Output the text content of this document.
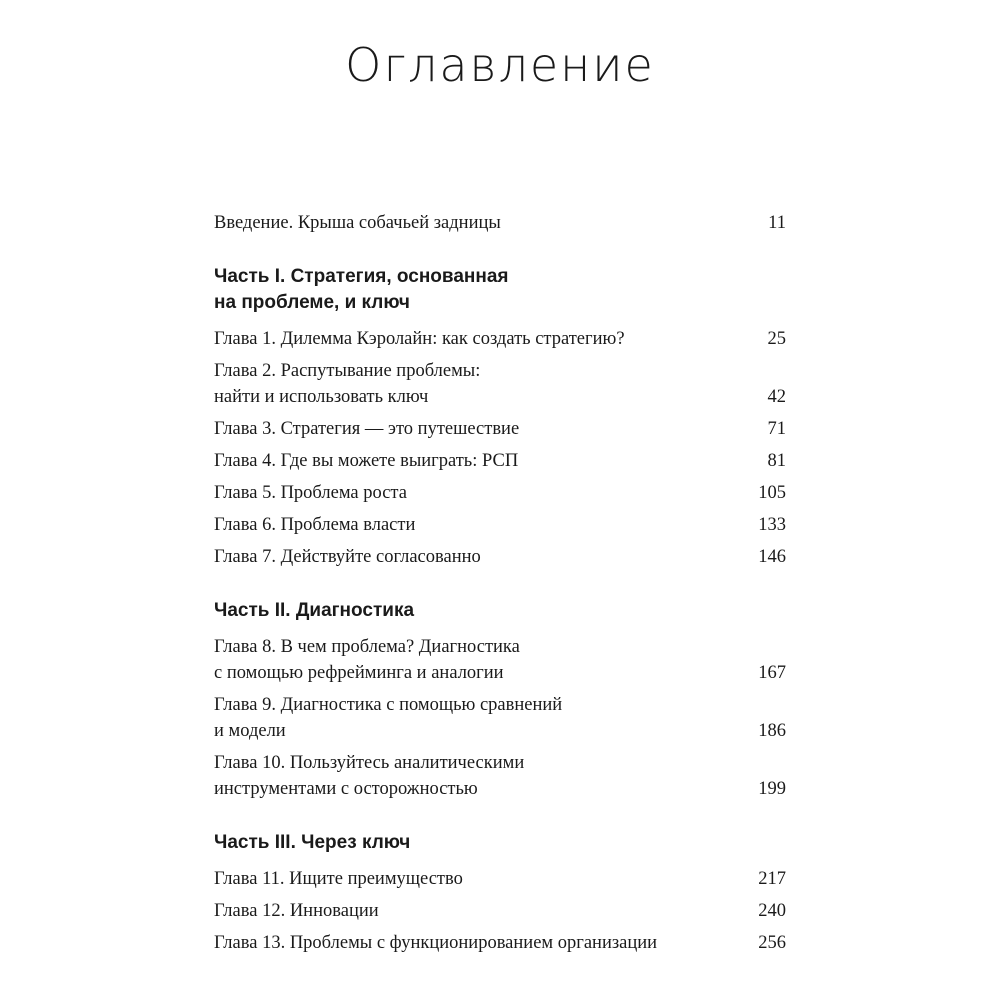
Оглавление
Введение. Крыша собачьей задницы	11
Часть I. Стратегия, основанная
на проблеме, и ключ
Глава 1. Дилемма Кэролайн: как создать стратегию?	25
Глава 2. Распутывание проблемы:
найти и использовать ключ	42
Глава 3. Стратегия — это путешествие	71
Глава 4. Где вы можете выиграть: РСП	81
Глава 5. Проблема роста	105
Глава 6. Проблема власти	133
Глава 7. Действуйте согласованно	146
Часть II. Диагностика
Глава 8. В чем проблема? Диагностика
с помощью рефрейминга и аналогии	167
Глава 9. Диагностика с помощью сравнений
и модели	186
Глава 10. Пользуйтесь аналитическими
инструментами с осторожностью	199
Часть III. Через ключ
Глава 11. Ищите преимущество	217
Глава 12. Инновации	240
Глава 13. Проблемы с функционированием организации	256
